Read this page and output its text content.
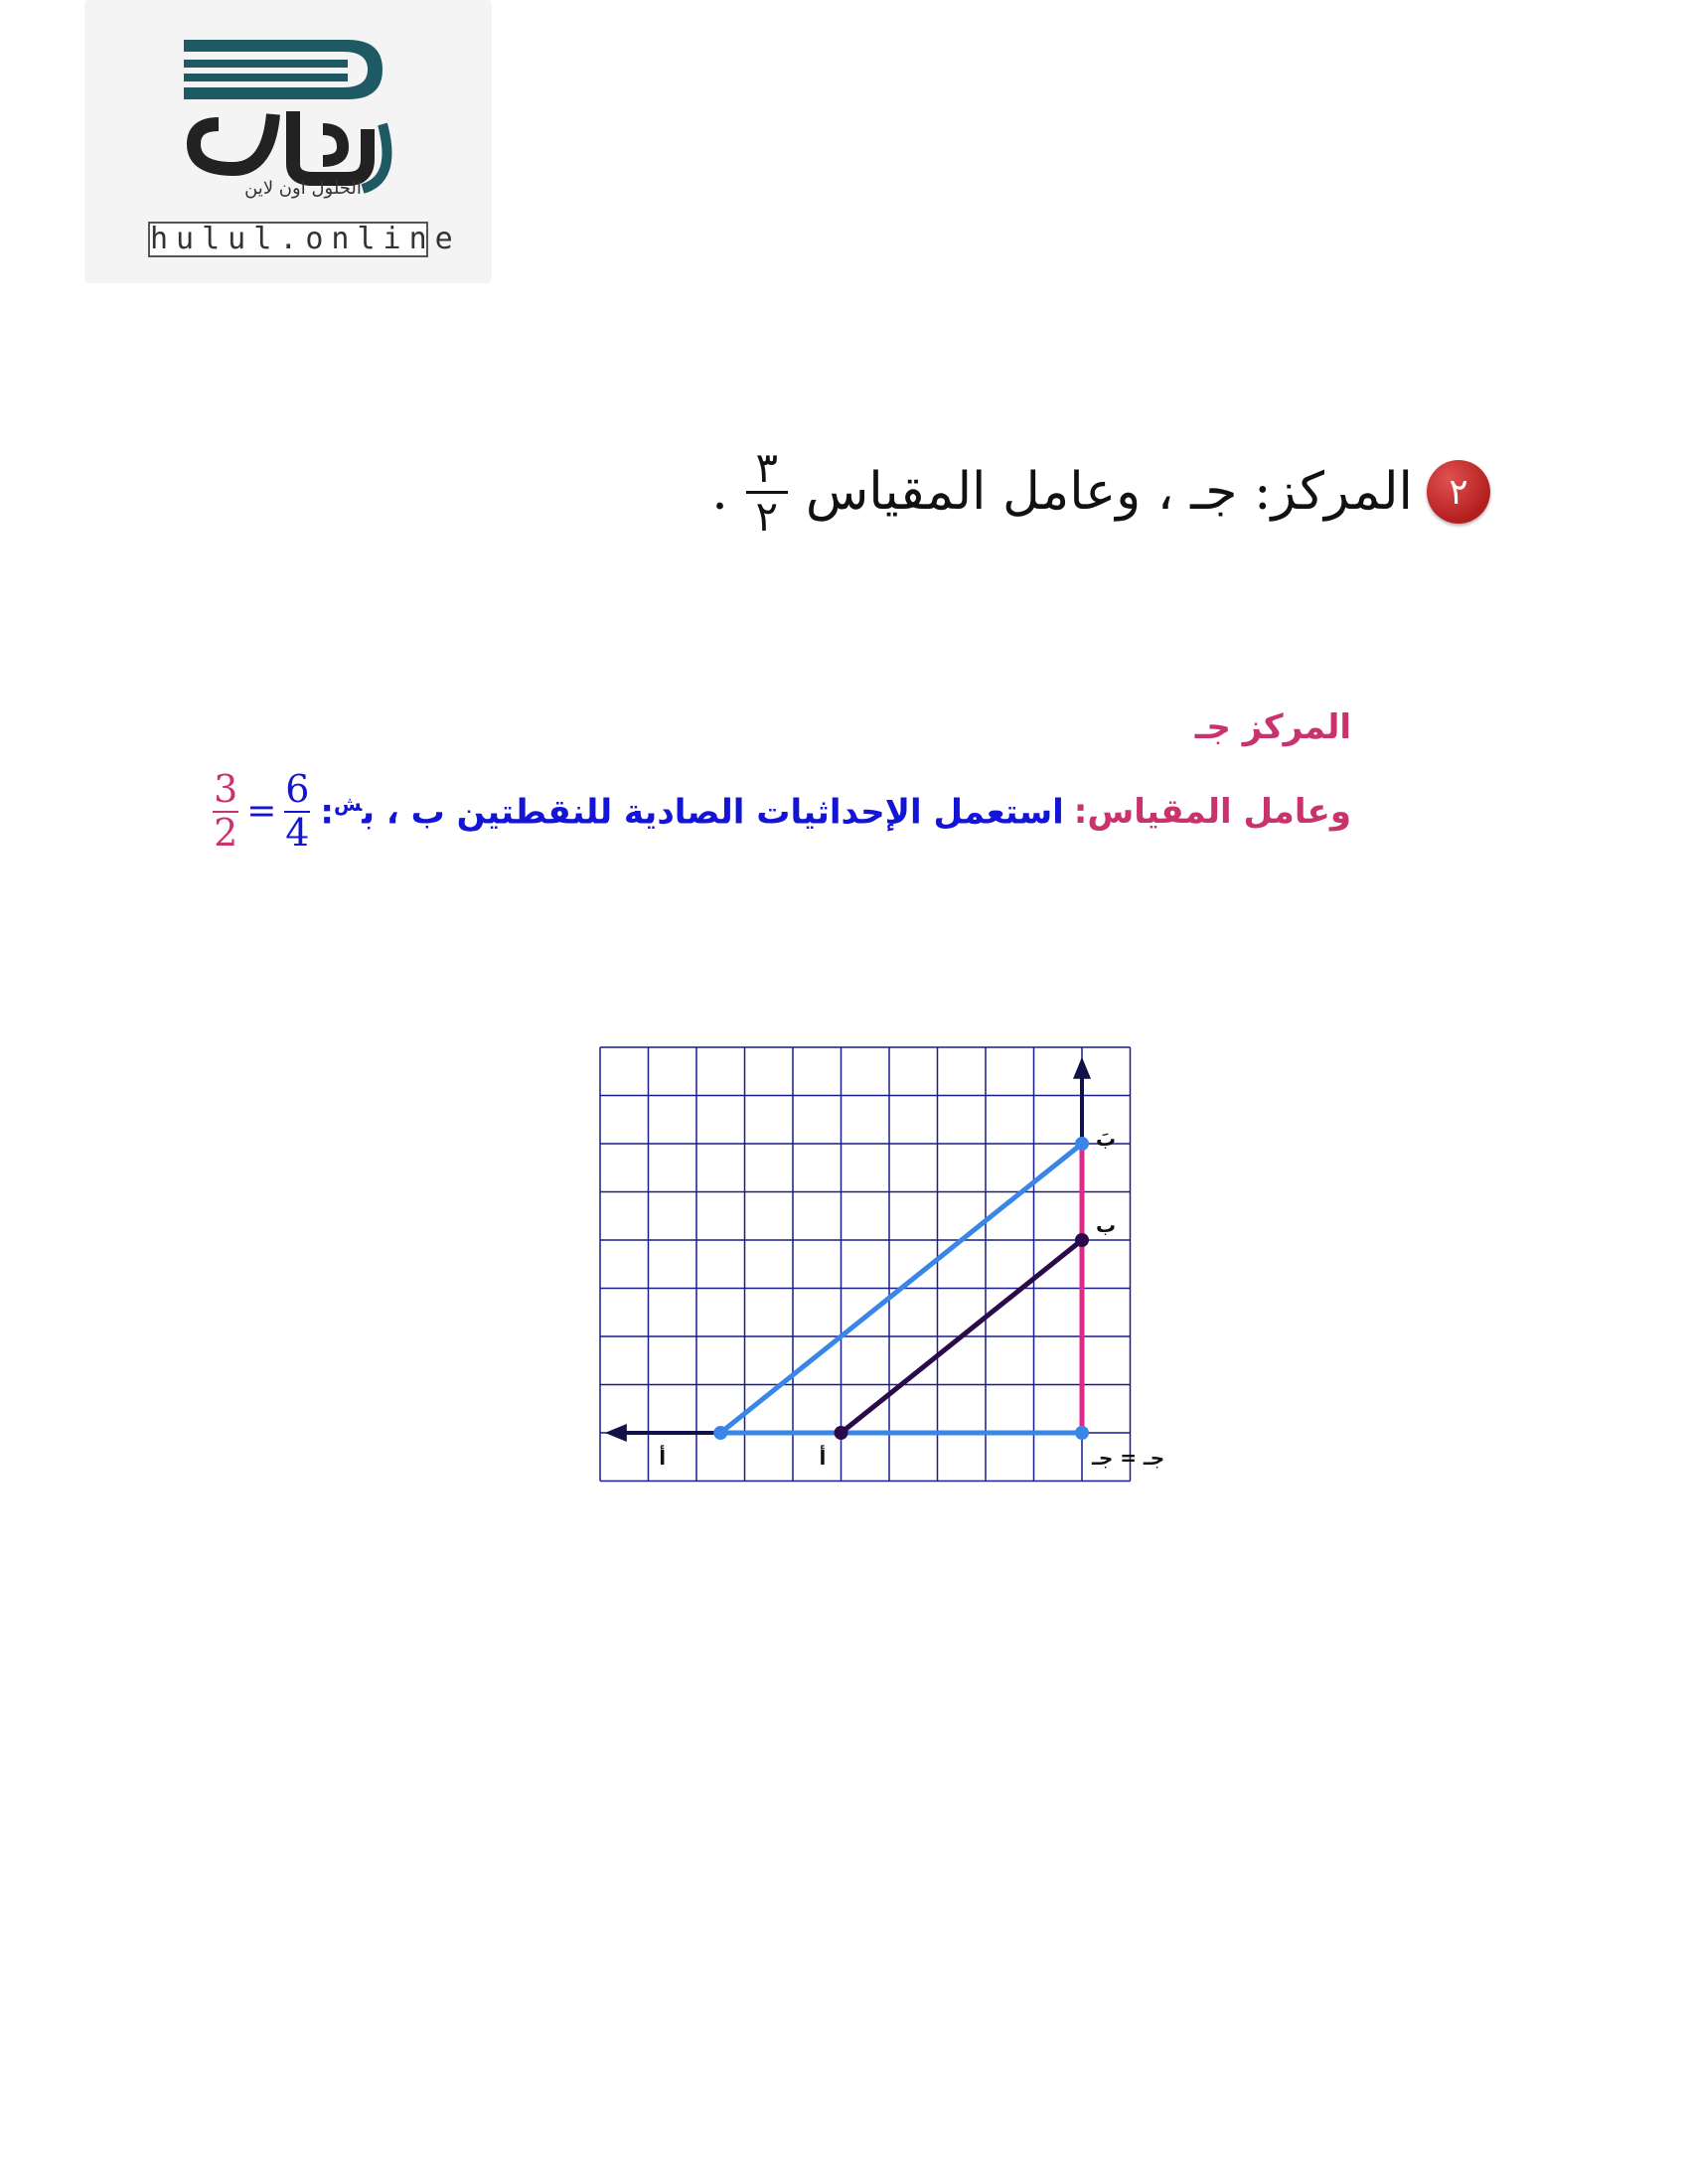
الحلول اون لاين
hulul.online
٢
المركز: جـ ، وعامل المقياس
$\frac{٣}{٢}$
.
المركز جـ
وعامل المقياس:
استعمل الإحداثيات الصادية للنقطتين ب ، ب$^ش$:
3
2 =
6
4
بَ
ب
أ	أ	جـ = جـ
